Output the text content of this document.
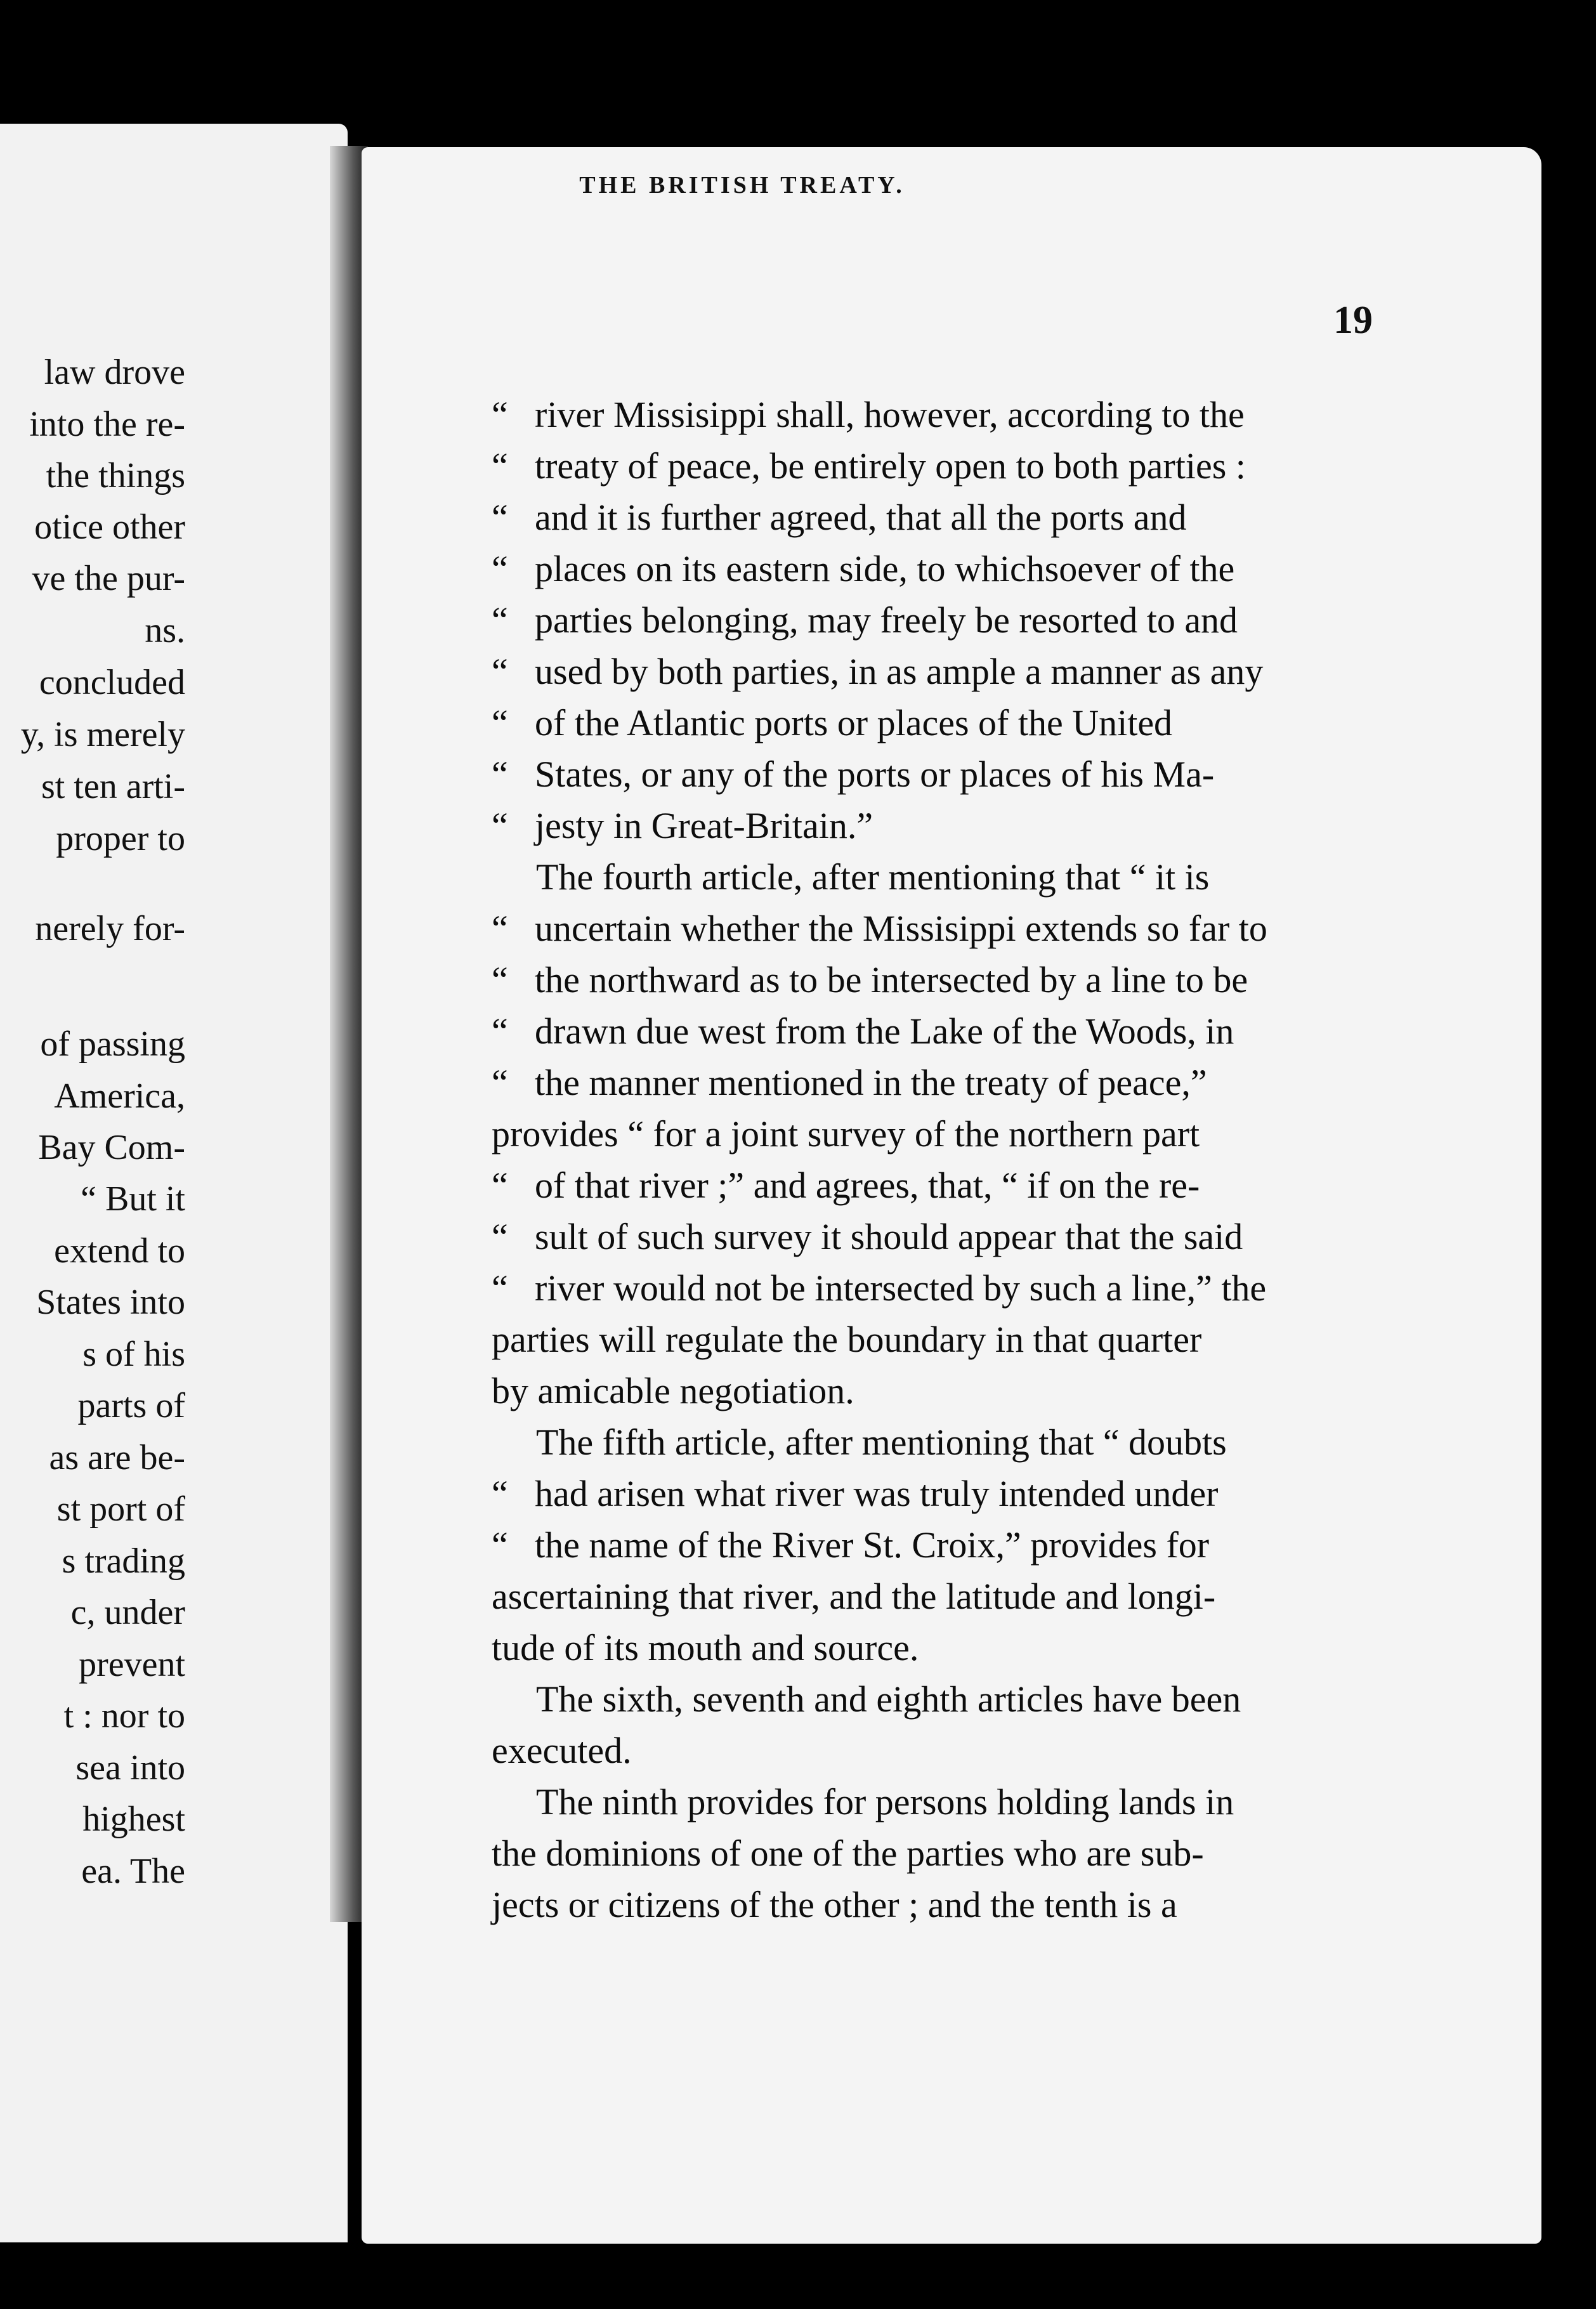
law drove
into the re-
the things
otice other
ve the pur-
ns.
concluded
y, is merely
st ten arti-
proper to
nerely for-
of passing
America,
Bay Com-
“ But it
extend to
States into
s of his
parts of
as are be-
st port of
s trading
c, under
prevent
t : nor to
sea into
highest
ea. The
THE BRITISH TREATY.
19
“ river Missisippi shall, however, according to the
“ treaty of peace, be entirely open to both parties :
“ and it is further agreed, that all the ports and
“ places on its eastern side, to whichsoever of the
“ parties belonging, may freely be resorted to and
“ used by both parties, in as ample a manner as any
“ of the Atlantic ports or places of the United
“ States, or any of the ports or places of his Ma-
“ jesty in Great-Britain.”
The fourth article, after mentioning that “ it is
“ uncertain whether the Missisippi extends so far to
“ the northward as to be intersected by a line to be
“ drawn due west from the Lake of the Woods, in
“ the manner mentioned in the treaty of peace,”
provides “ for a joint survey of the northern part
“ of that river ;” and agrees, that, “ if on the re-
“ sult of such survey it should appear that the said
“ river would not be intersected by such a line,” the
parties will regulate the boundary in that quarter
by amicable negotiation.
The fifth article, after mentioning that “ doubts
“ had arisen what river was truly intended under
“ the name of the River St. Croix,” provides for
ascertaining that river, and the latitude and longi-
tude of its mouth and source.
The sixth, seventh and eighth articles have been
executed.
The ninth provides for persons holding lands in
the dominions of one of the parties who are sub-
jects or citizens of the other ; and the tenth is a
